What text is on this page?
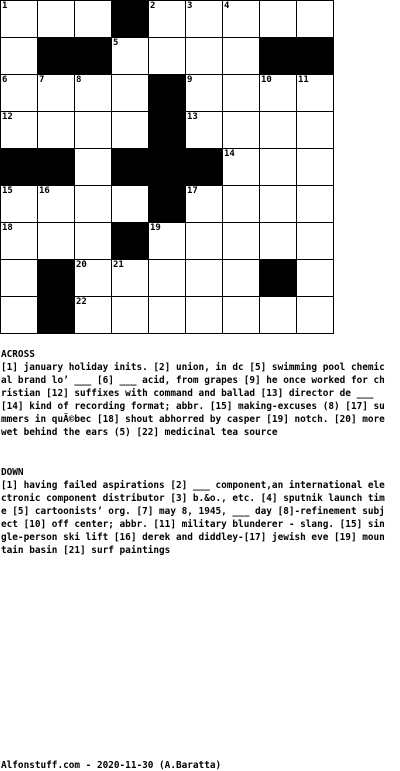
1	2	3	4
5
6	7	8	9	10	11
12	13
14
15	16	17
18	19
20	21
22
ACROSS
[1] january holiday inits. [2] union, in dc [5] swimming pool chemical brand lo’ ___ [6] ___ acid, from grapes [9] he once worked for christian [12] suffixes with command and ballad [13] director de ___ [14] kind of recording format; abbr. [15] making-excuses (8) [17] summers in quÃ©bec [18] shout abhorred by casper [19] notch. [20] more wet behind the ears (5) [22] medicinal tea source
DOWN
[1] having failed aspirations [2] ___ component,an international electronic component distributor [3] b.&o., etc. [4] sputnik launch time [5] cartoonists’ org. [7] may 8, 1945, ___ day [8]-refinement subject [10] off center; abbr. [11] military blunderer - slang. [15] single-person ski lift [16] derek and diddley-[17] jewish eve [19] mountain basin [21] surf paintings
Alfonstuff.com - 2020-11-30 (A.Baratta)
